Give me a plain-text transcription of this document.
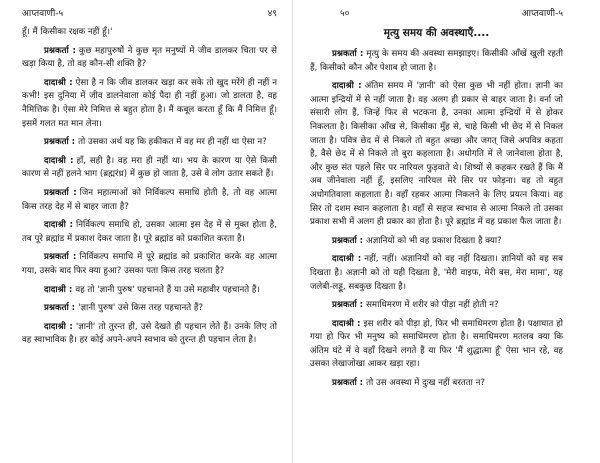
आप्तवाणी-५	४९

हूँ। मैं किसीका रक्षक नहीं हूँ।'

प्रश्नकर्ता : कुछ महापुरुषों ने कुछ मृत मनुष्यों में जीव डालकर चिता पर से खड़ा किया है, तो वह कौन-सी शक्ति है?

दादाश्री : ऐसा है न कि जीव डालकर खड़ा कर सके तो खुद मरेंगे ही नहीं न कभी! इस दुनिया में जीव डालनेवाला कोई पैदा ही नहीं हुआ। जो डालता है, वह नैमित्तिक है। ऐसा मेरे निमित्त से बहुत होता है। मैं कबूल करता हूँ कि मैं निमित्त हूँ। इसमें गलत मत मान लेना।

प्रश्नकर्ता : तो उसका अर्थ यह कि हकीकत में वह मर ही नहीं था ऐसा न?

दादाश्री : हाँ, सही है। वह मरा ही नहीं था। भय के कारण या ऐसे किसी कारण से नहीं हलने भाग (ब्रह्मरंध्र) में कुछ हो जाता है, उसे वे लोग उतार सकते हैं।

प्रश्नकर्ता : जिन महात्माओं को निर्विकल्प समाधि होती है, तो वह आत्मा किस तरह देह में से बाहर जाता है?

दादाश्री : निर्विकल्प समाधि हो, उसका आत्मा इस देह में से मुक्त होता है, तब पूरे ब्रह्मांड में प्रकाश देकर जाता है। पूरे ब्रह्मांड को प्रकाशित करता है।

प्रश्नकर्ता : निर्विकल्प समाधि में पूरे ब्रह्मांड को प्रकाशित करके वह आत्मा गया, उसके बाद फिर क्या हुआ? उसका पता किस तरह चलता है?

दादाश्री : वह तो 'ज्ञानी पुरुष' पहचानते हैं या उसे महावीर पहचानते हैं।

प्रश्नकर्ता : 'ज्ञानी पुरुष' उसे किस तरह पहचानते हैं?

दादाश्री : 'ज्ञानी' तो तुरन्त ही, उसे देखते ही पहचान लेते हैं। उनके लिए तो वह स्वाभाविक है। हर कोई अपने-अपने स्वभाव को तुरन्त ही पहचान लेता है।

५०	आप्तवाणी-५
मृत्यु समय की अवस्थाएँ....

प्रश्नकर्ता : मृत्यु के समय की अवस्था समझाइए। किसीकी आँखें खुली रहती हैं, किसीको कौन और पेशाब हो जाता है।

दादाश्री : अंतिम समय में 'ज्ञानी' को ऐसा कुछ भी नहीं होता। ज्ञानी का आत्मा इन्द्रियों में से नहीं जाता है। वह अलग ही प्रकार से बाहर जाता है। वर्ना जो संसारी लोग हैं, जिन्हें फिर से भटकना है, उनका आत्मा इन्द्रियों में से होकर निकलता है। किसीका आँख से, किसीका मुँह से, चाहे किसी भी छेद में से निकल जाता है। पवित्र छेद में से निकले तो बहुत अच्छा और जगत् जिसे अपवित्र कहता है, वैसे छेद में से निकले तो बुरा कहलाता है। अधोगति में ले जानेवाला होता है, और कुछ संत पहले सिर पर नारियल फुड़वाते थे। शिष्यों से कहकर रखते हैं कि मैं अब जीनेवाला नहीं हूँ, इसलिए नारियल मेरे सिर पर फोड़ना। वह तो बहुत अधोगतिवाला कहलाता है। वहाँ रहकर आत्मा निकलने के लिए प्रयत्न किया। वह सिर तो दशम स्थान कहलाता है। वहाँ से सहज स्वभाव से आत्मा निकले तो उसका प्रकाश सभी में अलग ही प्रकार का होता है। पूरे ब्रह्मांड में वह प्रकाश फैल जाता है।

प्रश्नकर्ता : अज्ञानियों को भी वह प्रकाश दिखता है क्या?

दादाश्री : नहीं, नहीं। अज्ञानियों को वह नहीं दिखता। ज्ञानियों को वह सब दिखता है। अज्ञानी को तो यही दिखता है, 'मेरी वाइफ, मेरी बस, मेरा मामा', यह जलेबी-लड्डू, सबकुछ दिखता है।

प्रश्नकर्ता : समाधिमरण में शरीर को पीड़ा नहीं होती न?

दादाश्री : इस शरीर को पीड़ा हो, फिर भी समाधिमरण होता है। पक्षाघात हो गया हो फिर भी मनुष्य को समाधिमरण होता है। समाधिमरण मतलब क्या कि अंतिम घंटे में वे वहाँ दिखने लगते हैं या फिर 'मैं शुद्धात्मा हूँ' ऐसा भान रहे, वह उसका लेखाजोखा आकर खड़ा रहा।

प्रश्नकर्ता : तो उस अवस्था में दुःख नहीं बरतता न?
